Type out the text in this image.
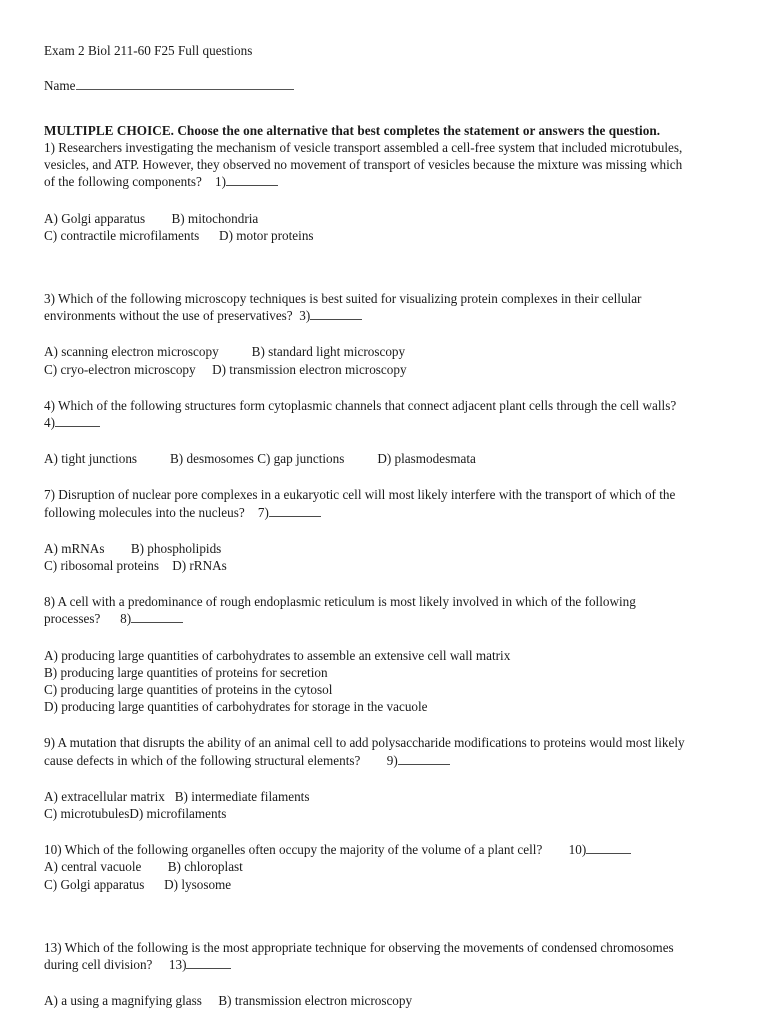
Exam 2 Biol 211-60 F25 Full questions
Name
MULTIPLE CHOICE. Choose the one alternative that best completes the statement or answers the question.
1) Researchers investigating the mechanism of vesicle transport assembled a cell-free system that included microtubules,
vesicles, and ATP. However, they observed no movement of transport of vesicles because the mixture was missing which
of the following components?    1)
A) Golgi apparatus        B) mitochondria
C) contractile microfilaments      D) motor proteins
3) Which of the following microscopy techniques is best suited for visualizing protein complexes in their cellular
environments without the use of preservatives?  3)
A) scanning electron microscopy          B) standard light microscopy
C) cryo-electron microscopy     D) transmission electron microscopy
4) Which of the following structures form cytoplasmic channels that connect adjacent plant cells through the cell walls?
4)
A) tight junctions          B) desmosomes C) gap junctions          D) plasmodesmata
7) Disruption of nuclear pore complexes in a eukaryotic cell will most likely interfere with the transport of which of the
following molecules into the nucleus?    7)
A) mRNAs        B) phospholipids
C) ribosomal proteins    D) rRNAs
8) A cell with a predominance of rough endoplasmic reticulum is most likely involved in which of the following
processes?      8)
A) producing large quantities of carbohydrates to assemble an extensive cell wall matrix
B) producing large quantities of proteins for secretion
C) producing large quantities of proteins in the cytosol
D) producing large quantities of carbohydrates for storage in the vacuole
9) A mutation that disrupts the ability of an animal cell to add polysaccharide modifications to proteins would most likely
cause defects in which of the following structural elements?        9)
A) extracellular matrix   B) intermediate filaments
C) microtubulesD) microfilaments
10) Which of the following organelles often occupy the majority of the volume of a plant cell?        10)
A) central vacuole        B) chloroplast
C) Golgi apparatus      D) lysosome
13) Which of the following is the most appropriate technique for observing the movements of condensed chromosomes
during cell division?     13)
A) a using a magnifying glass     B) transmission electron microscopy
